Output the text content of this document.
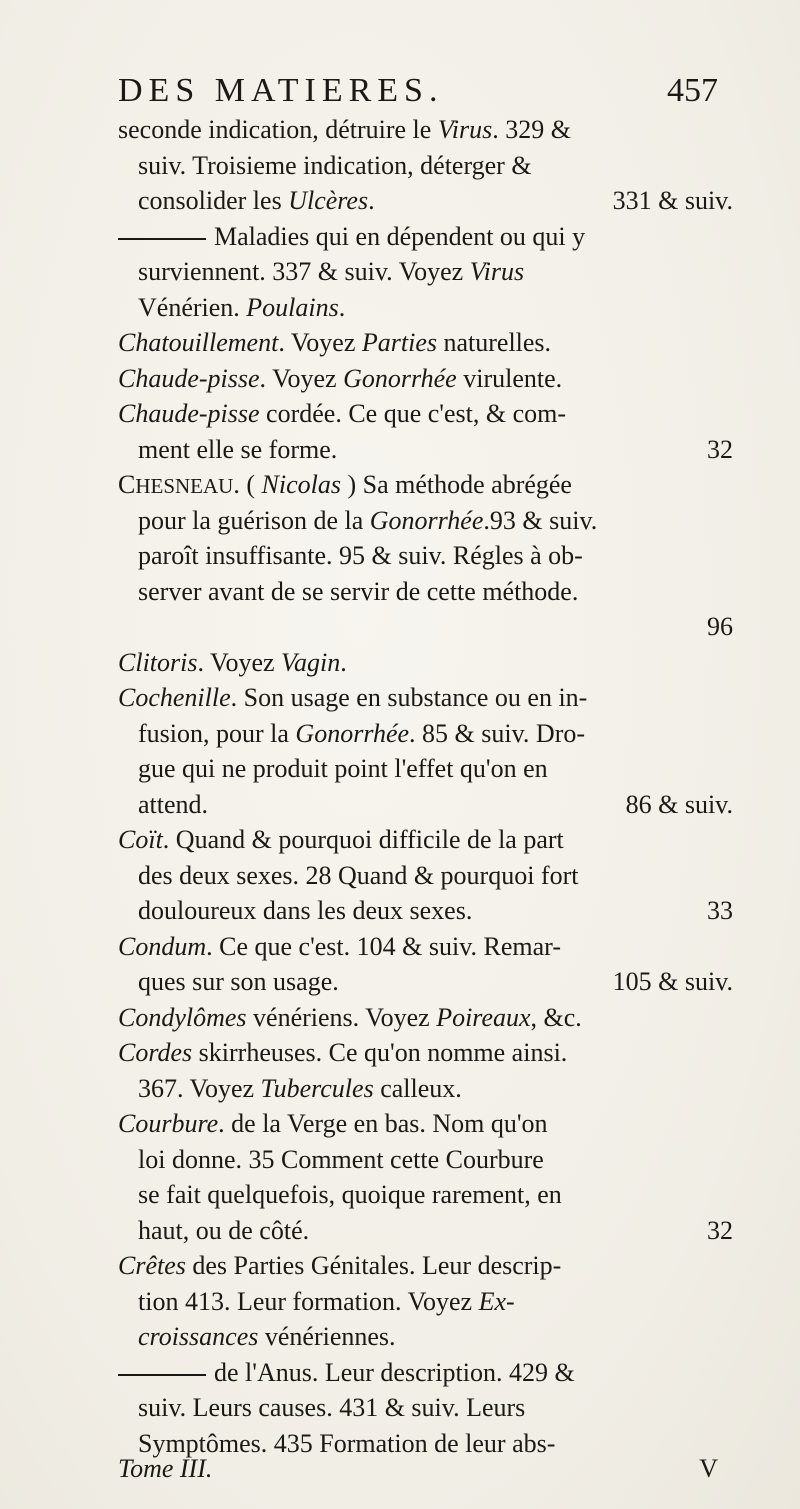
DES MATIERES.	457
seconde indication, détruire le Virus. 329 &
suiv. Troisieme indication, déterger &
consolider les Ulcères.	331 & suiv.
Maladies qui en dépendent ou qui y
surviennent. 337 & suiv. Voyez Virus
Vénérien. Poulains.
Chatouillement. Voyez Parties naturelles.
Chaude-pisse. Voyez Gonorrhée virulente.
Chaude-pisse cordée. Ce que c'est, & com-
ment elle se forme.	32
CHESNEAU. ( Nicolas ) Sa méthode abrégée
pour la guérison de la Gonorrhée.93 & suiv.
paroît insuffisante. 95 & suiv. Régles à ob-
server avant de se servir de cette méthode.
96
Clitoris. Voyez Vagin.
Cochenille. Son usage en substance ou en in-
fusion, pour la Gonorrhée. 85 & suiv. Dro-
gue qui ne produit point l'effet qu'on en
attend.	86 & suiv.
Coït. Quand & pourquoi difficile de la part
des deux sexes. 28 Quand & pourquoi fort
douloureux dans les deux sexes.	33
Condum. Ce que c'est. 104 & suiv. Remar-
ques sur son usage.	105 & suiv.
Condylômes vénériens. Voyez Poireaux, &c.
Cordes skirrheuses. Ce qu'on nomme ainsi.
367. Voyez Tubercules calleux.
Courbure. de la Verge en bas. Nom qu'on
loi donne. 35 Comment cette Courbure
se fait quelquefois, quoique rarement, en
haut, ou de côté.	32
Crêtes des Parties Génitales. Leur descrip-
tion 413. Leur formation. Voyez Ex-
croissances vénériennes.
de l'Anus. Leur description. 429 &
suiv. Leurs causes. 431 & suiv. Leurs
Symptômes. 435 Formation de leur abs-
Tome III.	V
